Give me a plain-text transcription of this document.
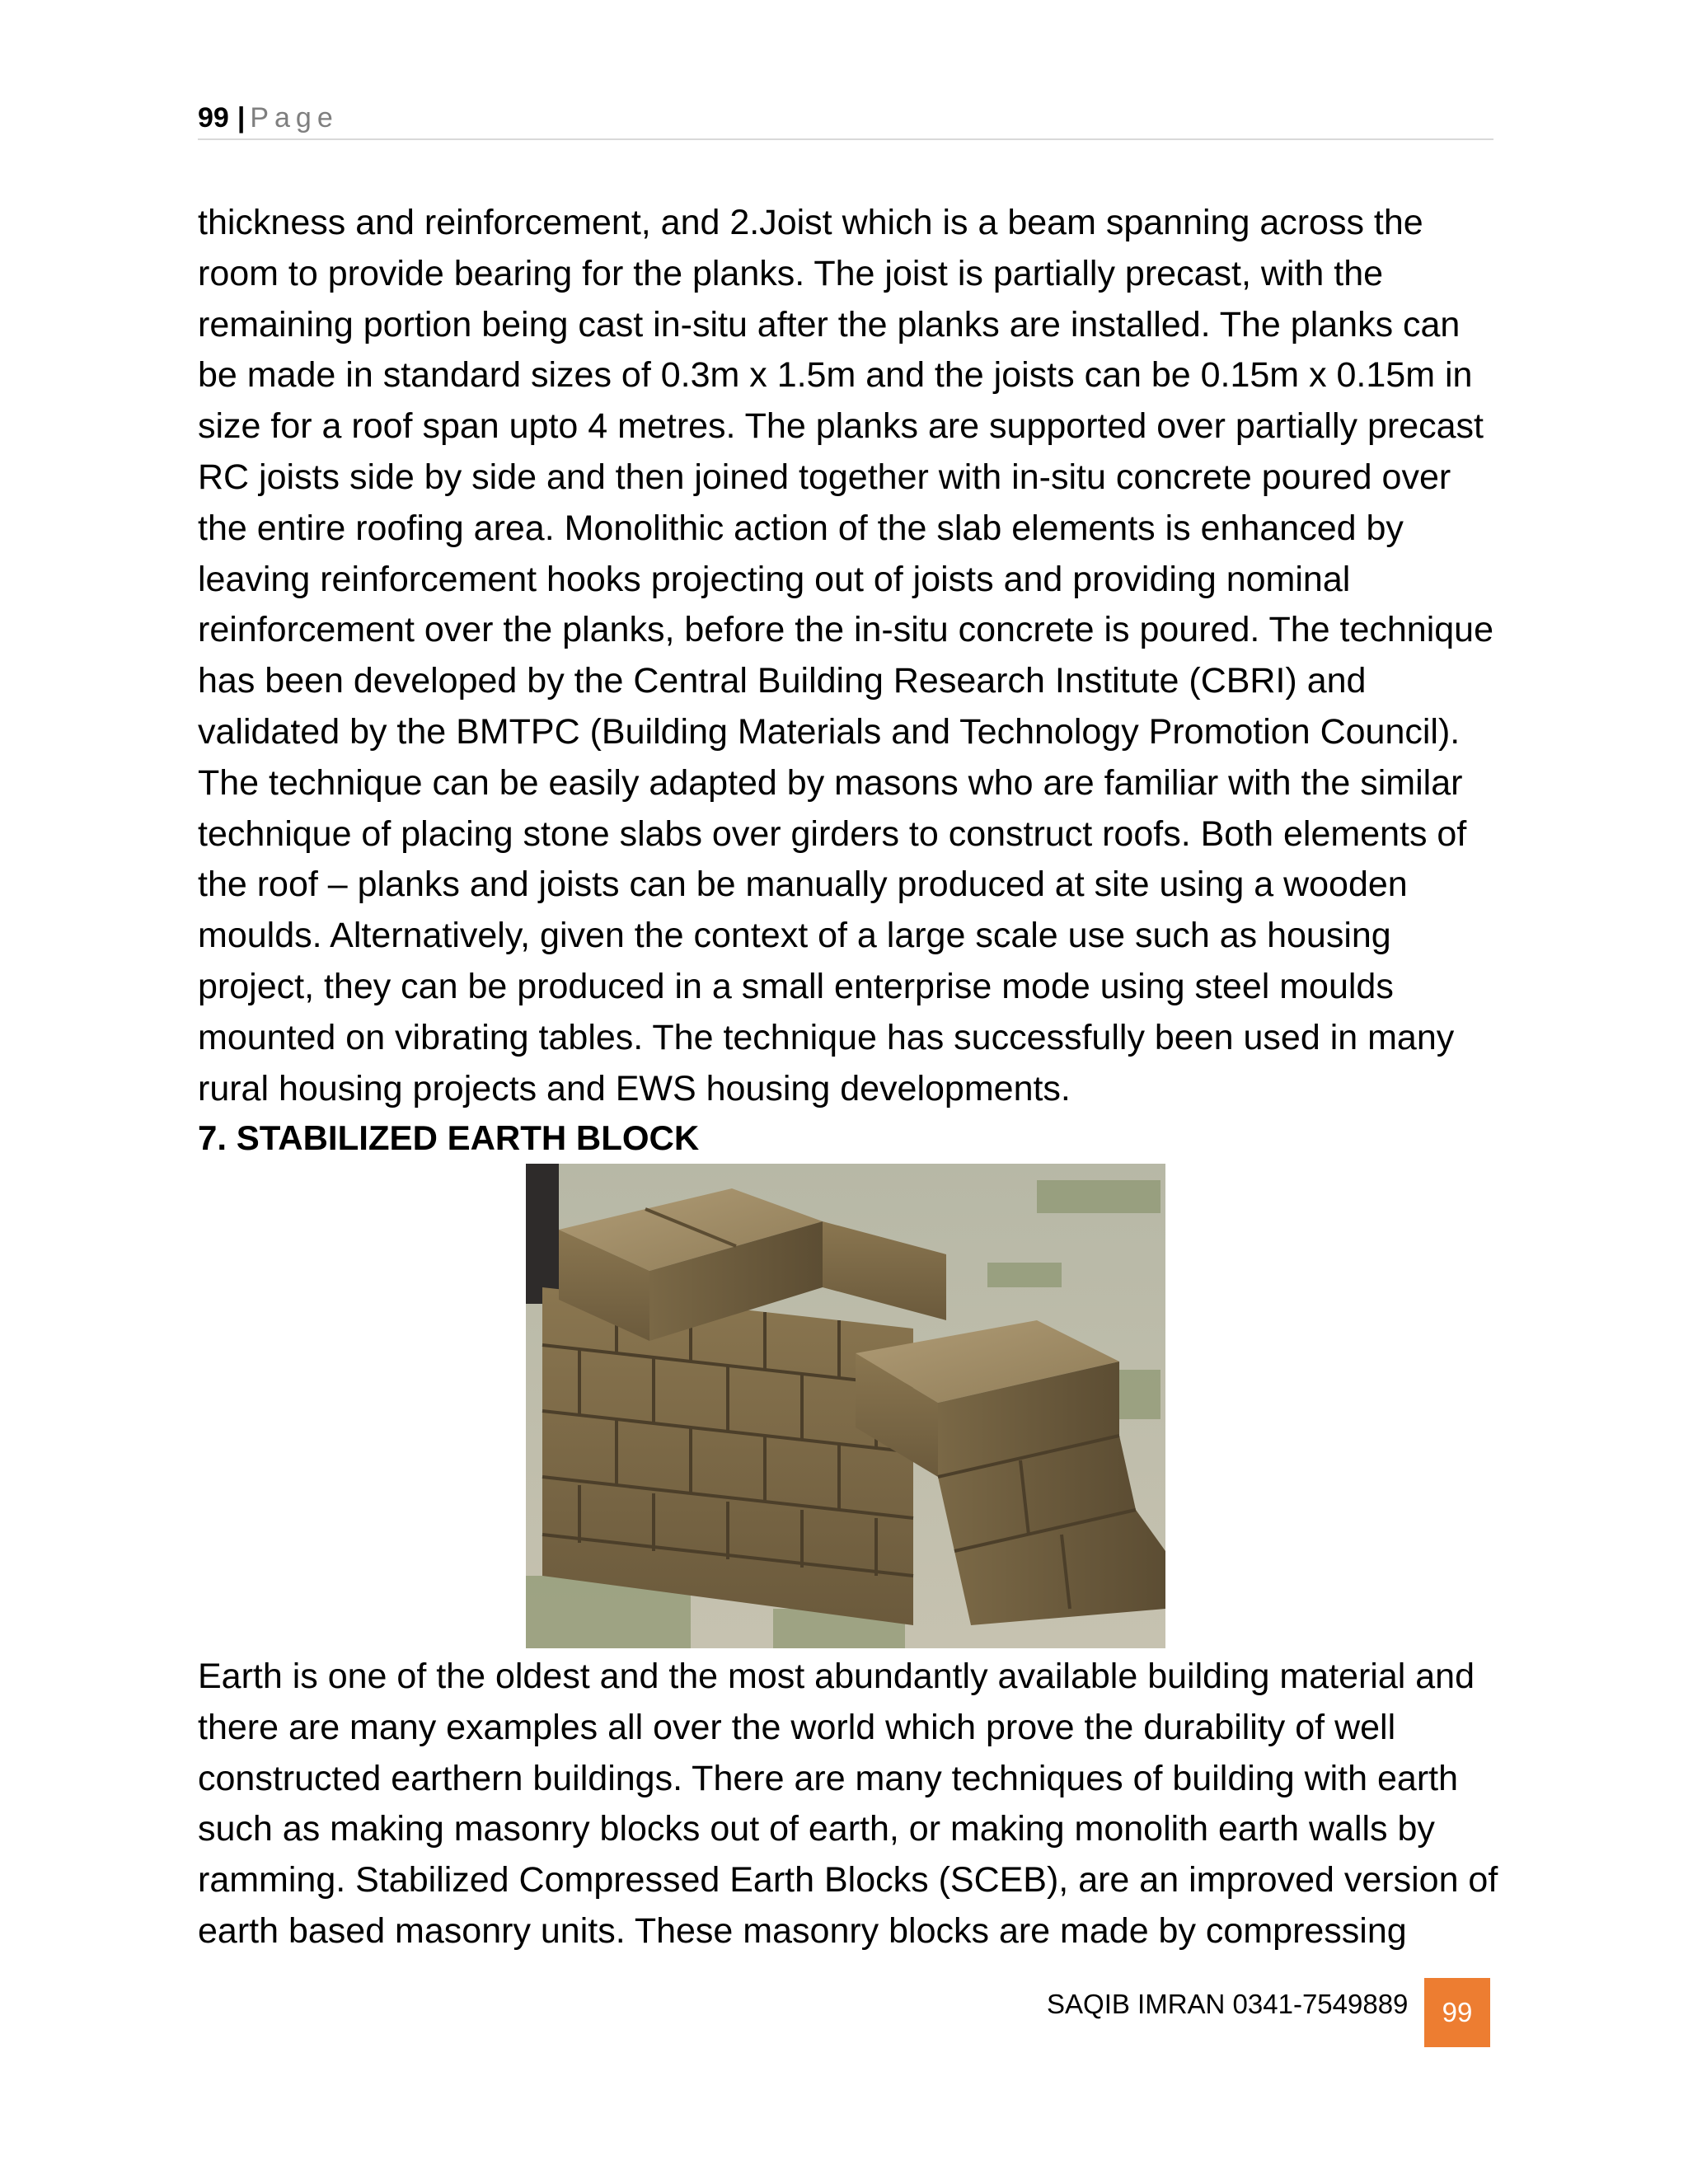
99 | Page

thickness and reinforcement, and 2.Joist which is a beam spanning across the room to provide bearing for the planks. The joist is partially precast, with the remaining portion being cast in-situ after the planks are installed. The planks can be made in standard sizes of 0.3m x 1.5m and the joists can be 0.15m x 0.15m in size for a roof span upto 4 metres. The planks are supported over partially precast RC joists side by side and then joined together with in-situ concrete poured over the entire roofing area. Monolithic action of the slab elements is enhanced by leaving reinforcement hooks projecting out of joists and providing nominal reinforcement over the planks, before the in-situ concrete is poured. The technique has been developed by the Central Building Research Institute (CBRI) and validated by the BMTPC (Building Materials and Technology Promotion Council). The technique can be easily adapted by masons who are familiar with the similar technique of placing stone slabs over girders to construct roofs. Both elements of the roof – planks and joists can be manually produced at site using a wooden moulds. Alternatively, given the context of a large scale use such as housing project, they can be produced in a small enterprise mode using steel moulds mounted on vibrating tables. The technique has successfully been used in many rural housing projects and EWS housing developments.

7. STABILIZED EARTH BLOCK

Earth is one of the oldest and the most abundantly available building material and there are many examples all over the world which prove the durability of well constructed earthern buildings. There are many techniques of building with earth such as making masonry blocks out of earth, or making monolith earth walls by ramming. Stabilized Compressed Earth Blocks (SCEB), are an improved version of earth based masonry units. These masonry blocks are made by compressing

SAQIB IMRAN 0341-7549889	99
